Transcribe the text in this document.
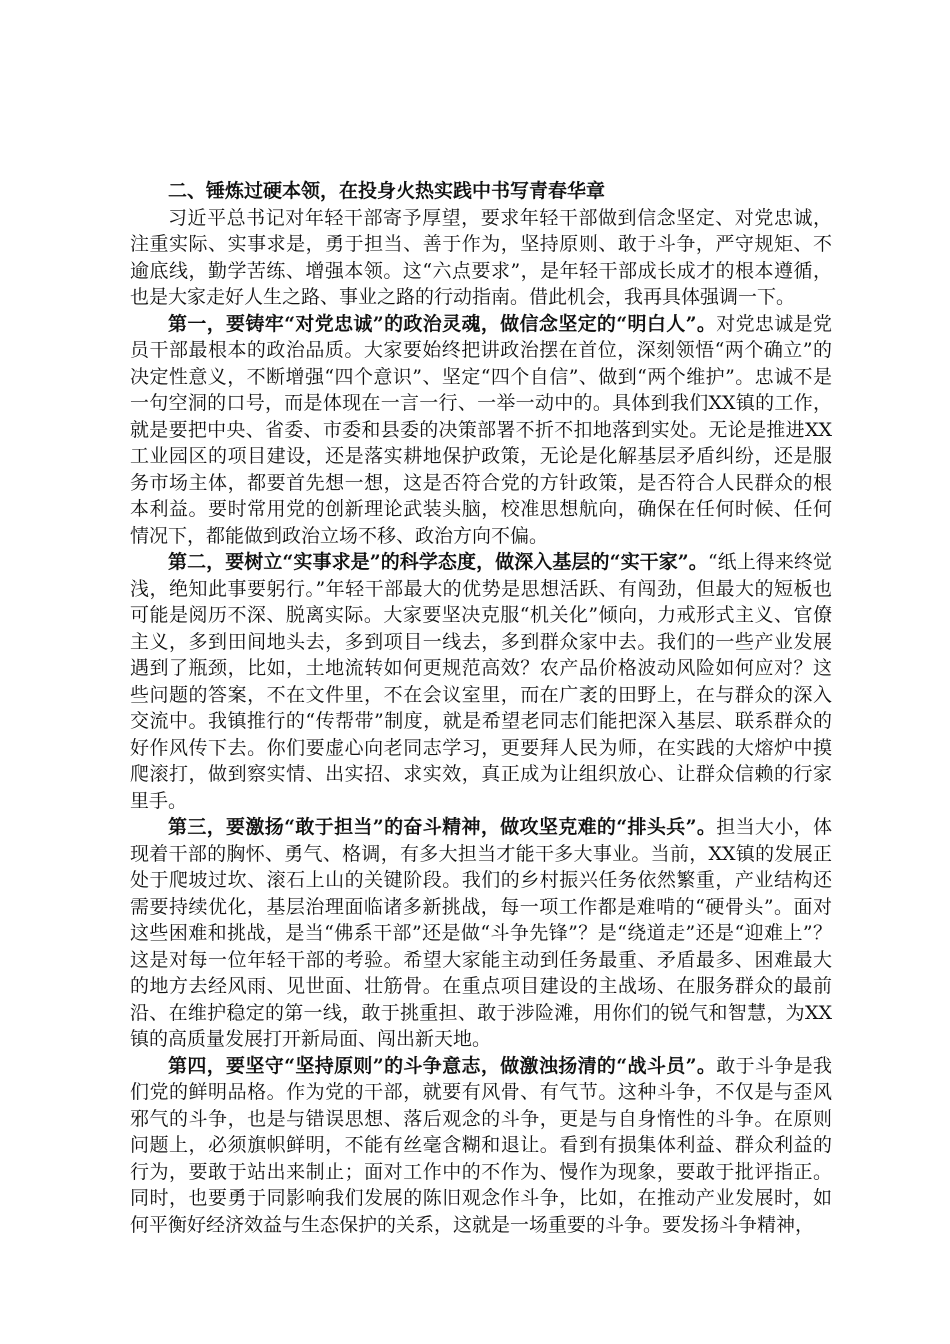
二、锤炼过硬本领，在投身火热实践中书写青春华章

习近平总书记对年轻干部寄予厚望，要求年轻干部做到信念坚定、对党忠诚，注重实际、实事求是，勇于担当、善于作为，坚持原则、敢于斗争，严守规矩、不逾底线，勤学苦练、增强本领。这“六点要求”，是年轻干部成长成才的根本遵循，也是大家走好人生之路、事业之路的行动指南。借此机会，我再具体强调一下。

第一，要铸牢“对党忠诚”的政治灵魂，做信念坚定的“明白人”。对党忠诚是党员干部最根本的政治品质。大家要始终把讲政治摆在首位，深刻领悟“两个确立”的决定性意义，不断增强“四个意识”、坚定“四个自信”、做到“两个维护”。忠诚不是一句空洞的口号，而是体现在一言一行、一举一动中的。具体到我们XX镇的工作，就是要把中央、省委、市委和县委的决策部署不折不扣地落到实处。无论是推进XX工业园区的项目建设，还是落实耕地保护政策，无论是化解基层矛盾纠纷，还是服务市场主体，都要首先想一想，这是否符合党的方针政策，是否符合人民群众的根本利益。要时常用党的创新理论武装头脑，校准思想航向，确保在任何时候、任何情况下，都能做到政治立场不移、政治方向不偏。

第二，要树立“实事求是”的科学态度，做深入基层的“实干家”。“纸上得来终觉浅，绝知此事要躬行。”年轻干部最大的优势是思想活跃、有闯劲，但最大的短板也可能是阅历不深、脱离实际。大家要坚决克服“机关化”倾向，力戒形式主义、官僚主义，多到田间地头去，多到项目一线去，多到群众家中去。我们的一些产业发展遇到了瓶颈，比如，土地流转如何更规范高效？农产品价格波动风险如何应对？这些问题的答案，不在文件里，不在会议室里，而在广袤的田野上，在与群众的深入交流中。我镇推行的“传帮带”制度，就是希望老同志们能把深入基层、联系群众的好作风传下去。你们要虚心向老同志学习，更要拜人民为师，在实践的大熔炉中摸爬滚打，做到察实情、出实招、求实效，真正成为让组织放心、让群众信赖的行家里手。

第三，要激扬“敢于担当”的奋斗精神，做攻坚克难的“排头兵”。担当大小，体现着干部的胸怀、勇气、格调，有多大担当才能干多大事业。当前，XX镇的发展正处于爬坡过坎、滚石上山的关键阶段。我们的乡村振兴任务依然繁重，产业结构还需要持续优化，基层治理面临诸多新挑战，每一项工作都是难啃的“硬骨头”。面对这些困难和挑战，是当“佛系干部”还是做“斗争先锋”？是“绕道走”还是“迎难上”？这是对每一位年轻干部的考验。希望大家能主动到任务最重、矛盾最多、困难最大的地方去经风雨、见世面、壮筋骨。在重点项目建设的主战场、在服务群众的最前沿、在维护稳定的第一线，敢于挑重担、敢于涉险滩，用你们的锐气和智慧，为XX镇的高质量发展打开新局面、闯出新天地。

第四，要坚守“坚持原则”的斗争意志，做激浊扬清的“战斗员”。敢于斗争是我们党的鲜明品格。作为党的干部，就要有风骨、有气节。这种斗争，不仅是与歪风邪气的斗争，也是与错误思想、落后观念的斗争，更是与自身惰性的斗争。在原则问题上，必须旗帜鲜明，不能有丝毫含糊和退让。看到有损集体利益、群众利益的行为，要敢于站出来制止；面对工作中的不作为、慢作为现象，要敢于批评指正。同时，也要勇于同影响我们发展的陈旧观念作斗争，比如，在推动产业发展时，如何平衡好经济效益与生态保护的关系，这就是一场重要的斗争。要发扬斗争精神，
